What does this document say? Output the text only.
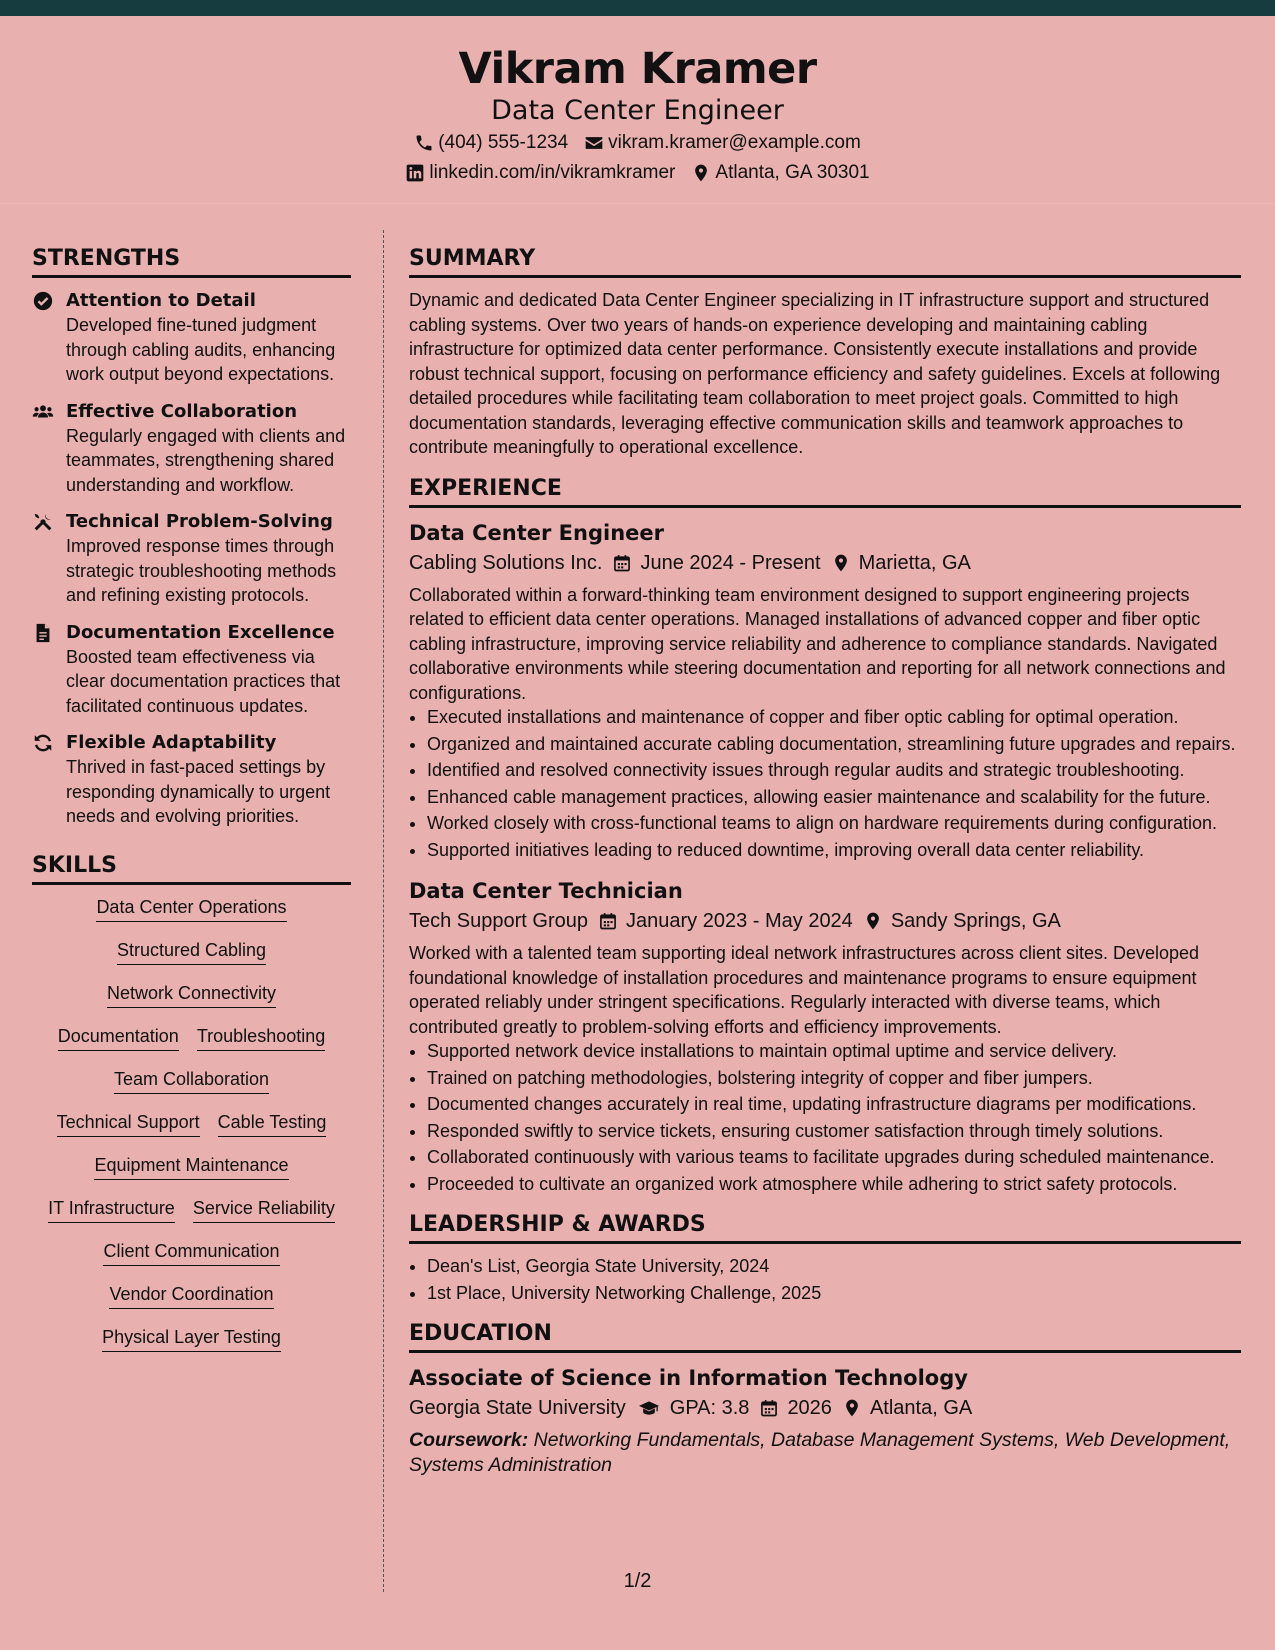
Vikram Kramer
Data Center Engineer
(404) 555-1234 vikram.kramer@example.com
linkedin.com/in/vikramkramer Atlanta, GA 30301
STRENGTHS
Attention to Detail
Developed fine-tuned judgment through cabling audits, enhancing work output beyond expectations.
Effective Collaboration
Regularly engaged with clients and teammates, strengthening shared understanding and workflow.
Technical Problem-Solving
Improved response times through strategic troubleshooting methods and refining existing protocols.
Documentation Excellence
Boosted team effectiveness via clear documentation practices that facilitated continuous updates.
Flexible Adaptability
Thrived in fast-paced settings by responding dynamically to urgent needs and evolving priorities.
SKILLS
Data Center Operations
Structured Cabling
Network Connectivity
Documentation Troubleshooting
Team Collaboration
Technical Support Cable Testing
Equipment Maintenance
IT Infrastructure Service Reliability
Client Communication
Vendor Coordination
Physical Layer Testing
SUMMARY
Dynamic and dedicated Data Center Engineer specializing in IT infrastructure support and structured cabling systems. Over two years of hands-on experience developing and maintaining cabling infrastructure for optimized data center performance. Consistently execute installations and provide robust technical support, focusing on performance efficiency and safety guidelines. Excels at following detailed procedures while facilitating team collaboration to meet project goals. Committed to high documentation standards, leveraging effective communication skills and teamwork approaches to contribute meaningfully to operational excellence.
EXPERIENCE
Data Center Engineer
Cabling Solutions Inc. June 2024 - Present Marietta, GA
Collaborated within a forward-thinking team environment designed to support engineering projects related to efficient data center operations. Managed installations of advanced copper and fiber optic cabling infrastructure, improving service reliability and adherence to compliance standards. Navigated collaborative environments while steering documentation and reporting for all network connections and configurations.
• Executed installations and maintenance of copper and fiber optic cabling for optimal operation.
• Organized and maintained accurate cabling documentation, streamlining future upgrades and repairs.
• Identified and resolved connectivity issues through regular audits and strategic troubleshooting.
• Enhanced cable management practices, allowing easier maintenance and scalability for the future.
• Worked closely with cross-functional teams to align on hardware requirements during configuration.
• Supported initiatives leading to reduced downtime, improving overall data center reliability.
Data Center Technician
Tech Support Group January 2023 - May 2024 Sandy Springs, GA
Worked with a talented team supporting ideal network infrastructures across client sites. Developed foundational knowledge of installation procedures and maintenance programs to ensure equipment operated reliably under stringent specifications. Regularly interacted with diverse teams, which contributed greatly to problem-solving efforts and efficiency improvements.
• Supported network device installations to maintain optimal uptime and service delivery.
• Trained on patching methodologies, bolstering integrity of copper and fiber jumpers.
• Documented changes accurately in real time, updating infrastructure diagrams per modifications.
• Responded swiftly to service tickets, ensuring customer satisfaction through timely solutions.
• Collaborated continuously with various teams to facilitate upgrades during scheduled maintenance.
• Proceeded to cultivate an organized work atmosphere while adhering to strict safety protocols.
LEADERSHIP & AWARDS
• Dean's List, Georgia State University, 2024
• 1st Place, University Networking Challenge, 2025
EDUCATION
Associate of Science in Information Technology
Georgia State University GPA: 3.8 2026 Atlanta, GA
Coursework: Networking Fundamentals, Database Management Systems, Web Development, Systems Administration
1/2
